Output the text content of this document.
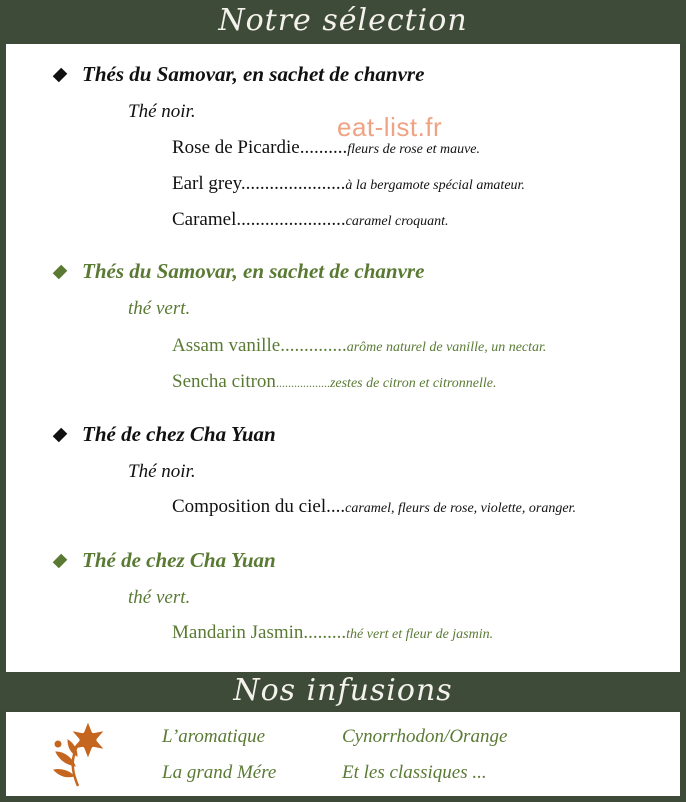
Notre sélection
eat-list.fr
Thés du Samovar, en sachet de chanvre
Thé noir.
Rose de Picardie..........fleurs de rose et mauve.
Earl grey......................à la bergamote spécial amateur.
Caramel.......................caramel croquant.
Thés du Samovar, en sachet de chanvre
thé vert.
Assam vanille..............arôme naturel de vanille, un nectar.
Sencha citron..................zestes de citron et citronnelle.
Thé de chez Cha Yuan
Thé noir.
Composition du ciel....caramel, fleurs de rose, violette, oranger.
Thé de chez Cha Yuan
thé vert.
Mandarin Jasmin.........thé vert et fleur de jasmin.
Nos infusions
L’aromatique	Cynorrhodon/Orange
La grand Mére	Et les classiques ...
